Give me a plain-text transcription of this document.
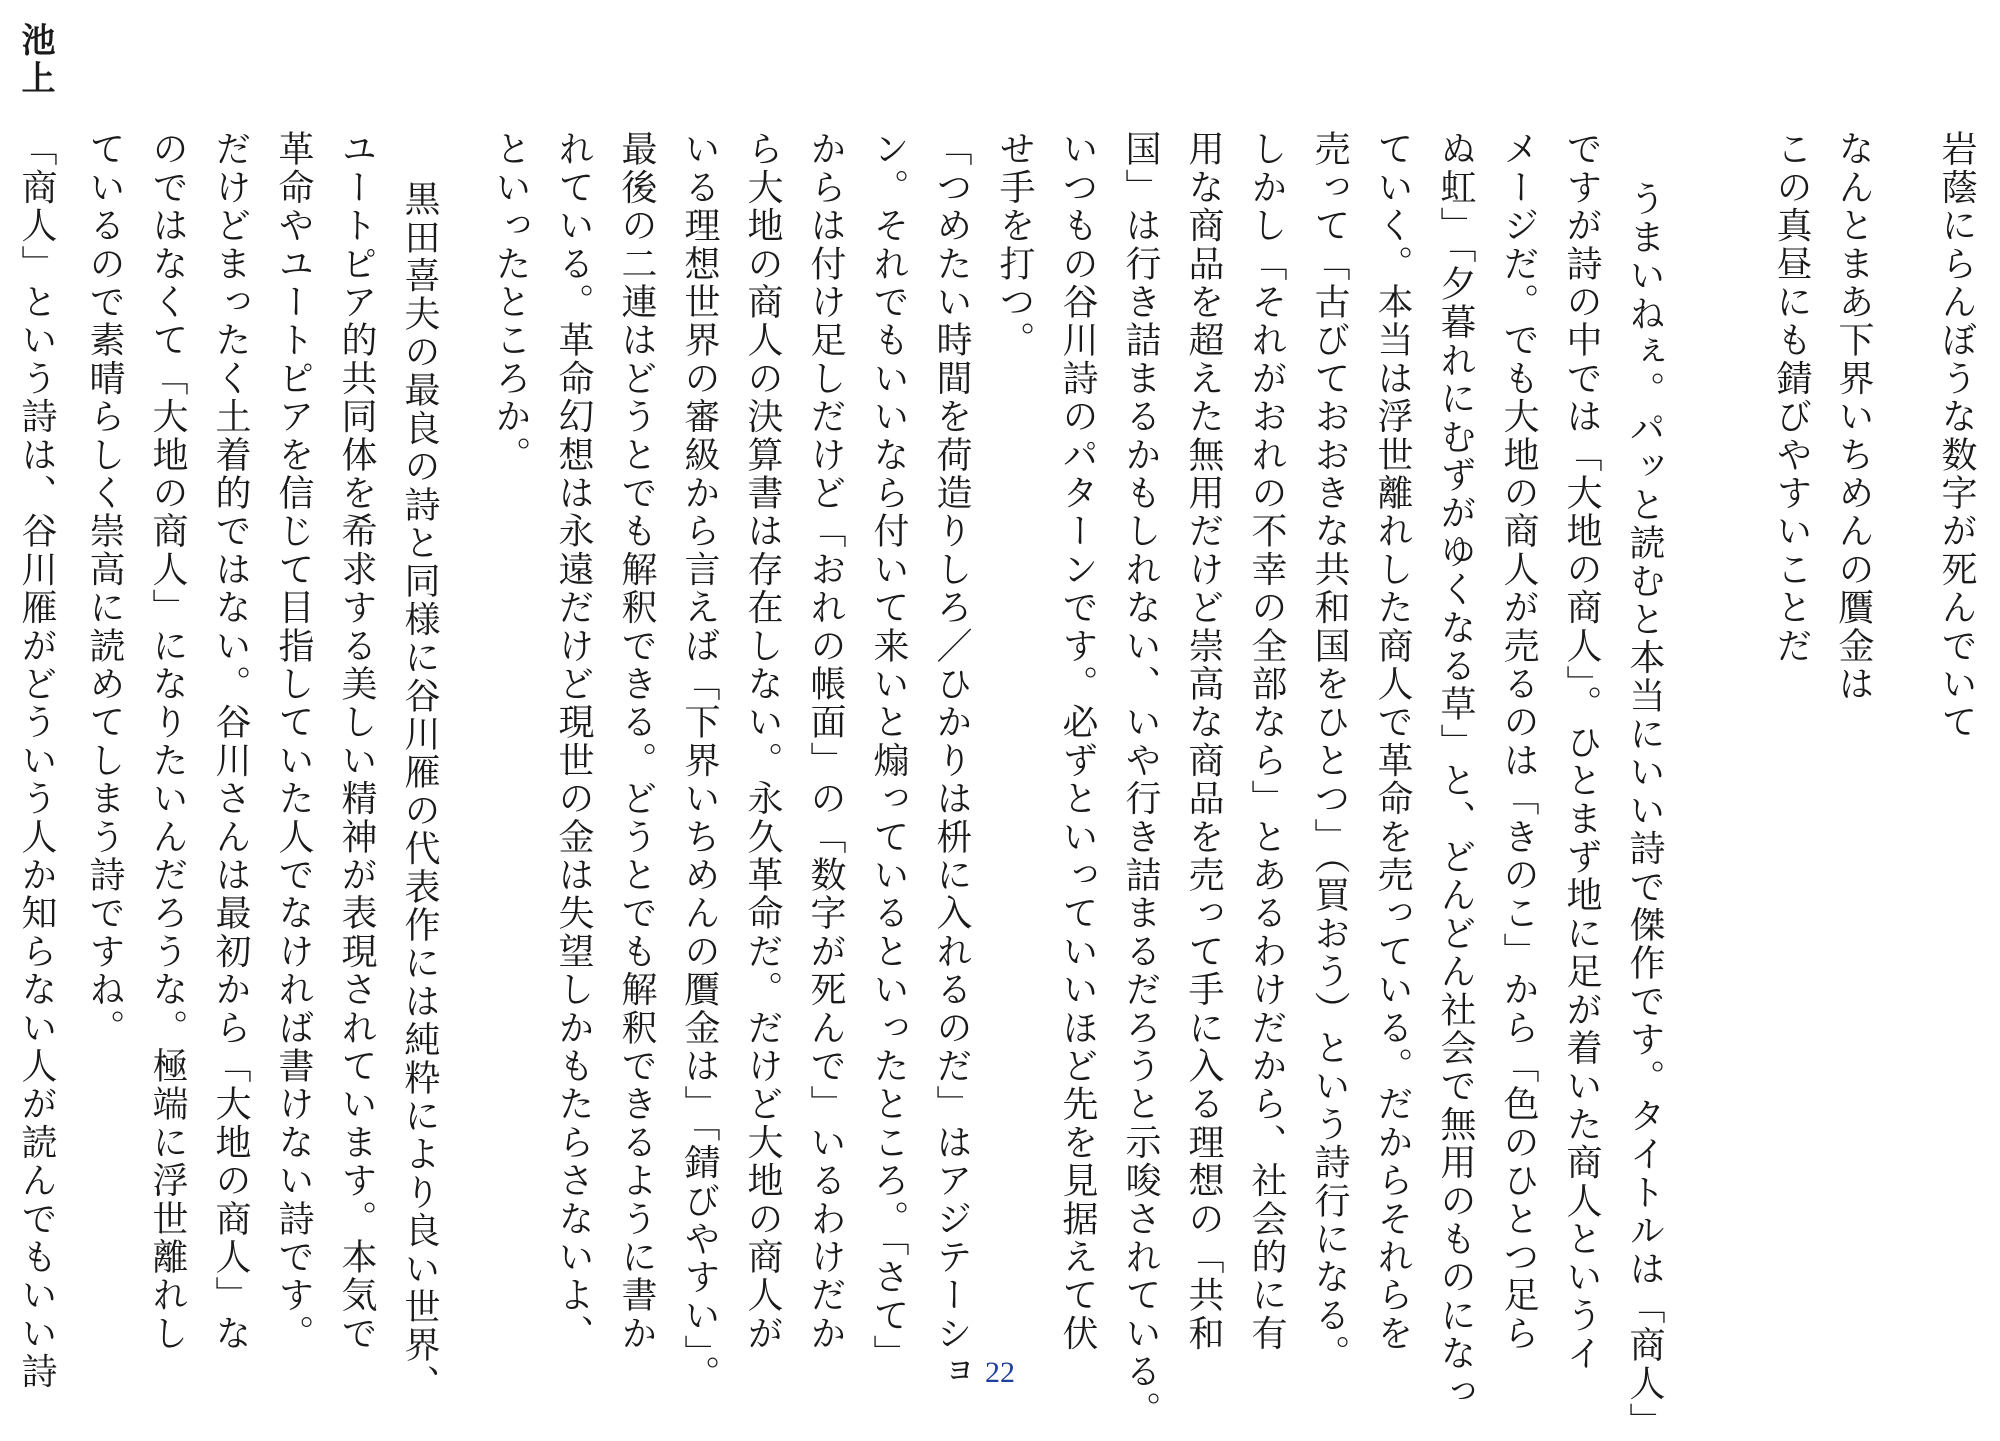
岩蔭にらんぼうな数字が死んでいて
なんとまあ下界いちめんの贋金は
この真昼にも錆びやすいことだ
うまいねぇ。パッと読むと本当にいい詩で傑作です。タイトルは「商人」
ですが詩の中では「大地の商人」。ひとまず地に足が着いた商人というイ
メージだ。でも大地の商人が売るのは「きのこ」から「色のひとつ足ら
ぬ虹」「夕暮れにむずがゆくなる草」と、どんどん社会で無用のものになっ
ていく。本当は浮世離れした商人で革命を売っている。だからそれらを
売って「古びておおきな共和国をひとつ」（買おう）という詩行になる。
しかし「それがおれの不幸の全部なら」とあるわけだから、社会的に有
用な商品を超えた無用だけど崇高な商品を売って手に入る理想の「共和
国」は行き詰まるかもしれない、いや行き詰まるだろうと示唆されている。
いつもの谷川詩のパターンです。必ずといっていいほど先を見据えて伏
せ手を打つ。
「つめたい時間を荷造りしろ／ひかりは枡に入れるのだ」はアジテーショ
ン。それでもいいなら付いて来いと煽っているといったところ。「さて」
からは付け足しだけど「おれの帳面」の「数字が死んで」いるわけだか
ら大地の商人の決算書は存在しない。永久革命だ。だけど大地の商人が
いる理想世界の審級から言えば「下界いちめんの贋金は」「錆びやすい」。
最後の二連はどうとでも解釈できる。どうとでも解釈できるように書か
れている。革命幻想は永遠だけど現世の金は失望しかもたらさないよ、
といったところか。
黒田喜夫の最良の詩と同様に谷川雁の代表作には純粋により良い世界、
ユートピア的共同体を希求する美しい精神が表現されています。本気で
革命やユートピアを信じて目指していた人でなければ書けない詩です。
だけどまったく土着的ではない。谷川さんは最初から「大地の商人」な
のではなくて「大地の商人」になりたいんだろうな。極端に浮世離れし
ているので素晴らしく崇高に読めてしまう詩ですね。
池上
「商人」という詩は、谷川雁がどういう人か知らない人が読んでもいい詩	22
